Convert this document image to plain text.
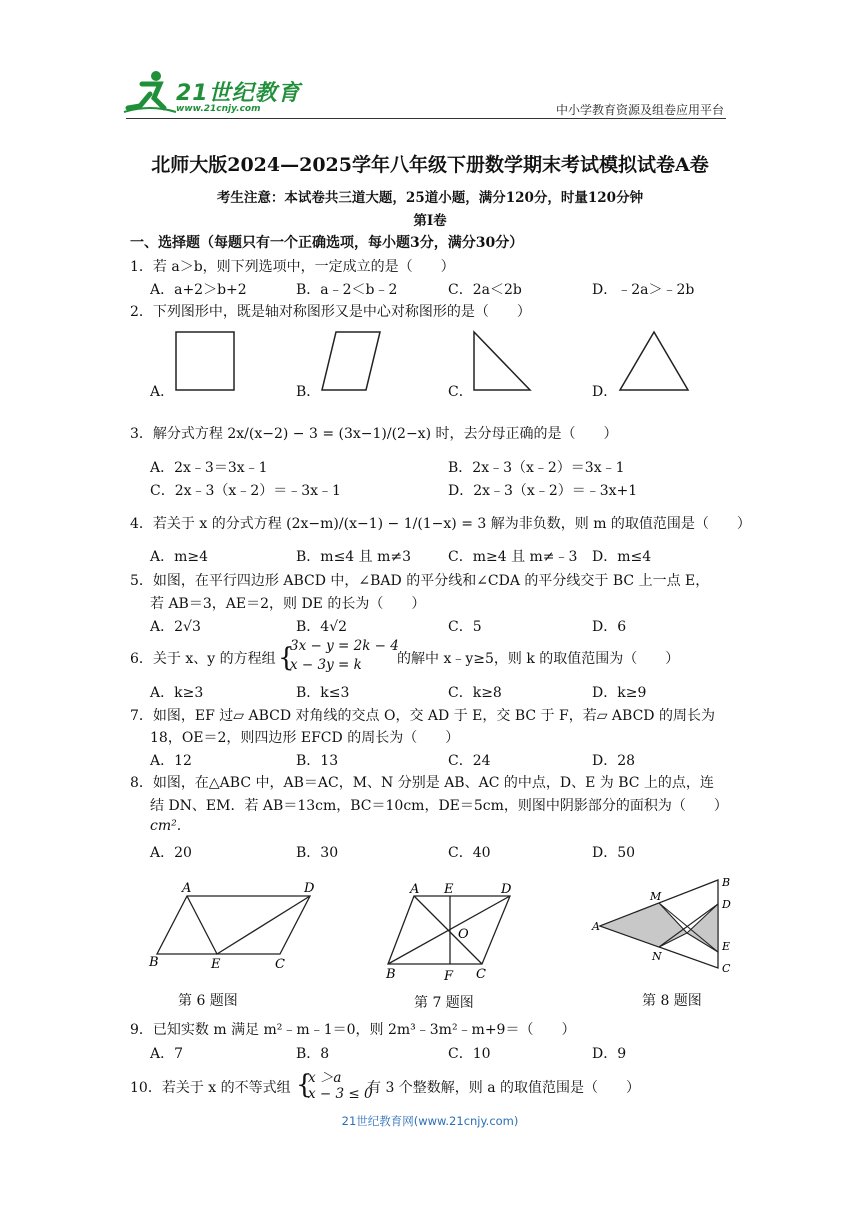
21世纪教育
www.21cnjy.com	中小学教育资源及组卷应用平台
北师大版2024—2025学年八年级下册数学期末考试模拟试卷A卷
考生注意：本试卷共三道大题，25道小题，满分120分，时量120分钟
第Ⅰ卷
一、选择题（每题只有一个正确选项，每小题3分，满分30分）
1．若 a＞b，则下列选项中，一定成立的是（　　）
A．a+2＞b+2	B．a﹣2＜b﹣2	C．2a＜2b	D．﹣2a＞﹣2b
2．下列图形中，既是轴对称图形又是中心对称图形的是（　　）
A．	B．	C．	D．
3．解分式方程 2x/(x−2) − 3 = (3x−1)/(2−x) 时，去分母正确的是（　　）
A．2x﹣3＝3x﹣1	B．2x﹣3（x﹣2）＝3x﹣1
C．2x﹣3（x﹣2）＝﹣3x﹣1	D．2x﹣3（x﹣2）＝﹣3x+1
4．若关于 x 的分式方程 (2x−m)/(x−1) − 1/(1−x) = 3 解为非负数，则 m 的取值范围是（　　）
A．m≥4	B．m≤4 且 m≠3	C．m≥4 且 m≠﹣3 D．m≤4
5．如图，在平行四边形 ABCD 中，∠BAD 的平分线和∠CDA 的平分线交于 BC 上一点 E，
若 AB＝3，AE＝2，则 DE 的长为（　　）
A．2√3	B．4√2	C．5	D．6
6．关于 x、y 的方程组 {
3x − y = 2k − 4
x − 3y = k	的解中 x﹣y≥5，则 k 的取值范围为（　　）
A．k≥3	B．k≤3	C．k≥8	D．k≥9
7．如图，EF 过▱ ABCD 对角线的交点 O，交 AD 于 E，交 BC 于 F，若▱ ABCD 的周长为
18，OE＝2，则四边形 EFCD 的周长为（　　）
A．12	B．13	C．24	D．28
8．如图，在△ABC 中，AB＝AC，M、N 分别是 AB、AC 的中点，D、E 为 BC 上的点，连
结 DN、EM．若 AB＝13cm，BC＝10cm，DE＝5cm，则图中阴影部分的面积为（　　）
cm².
A．20	B．30	C．40	D．50
A	D
B	E	C
第 6 题图
A E	D
O
B	F C
第 7 题图
A
M
N
B
D
E
C
第 8 题图
9．已知实数 m 满足 m²﹣m﹣1＝0，则 2m³﹣3m²﹣m+9＝（　　）
A．7	B．8	C．10	D．9
10．若关于 x 的不等式组 {
x ＞a
x − 3 ≤ 0
有 3 个整数解，则 a 的取值范围是（　　）
21世纪教育网(www.21cnjy.com)
